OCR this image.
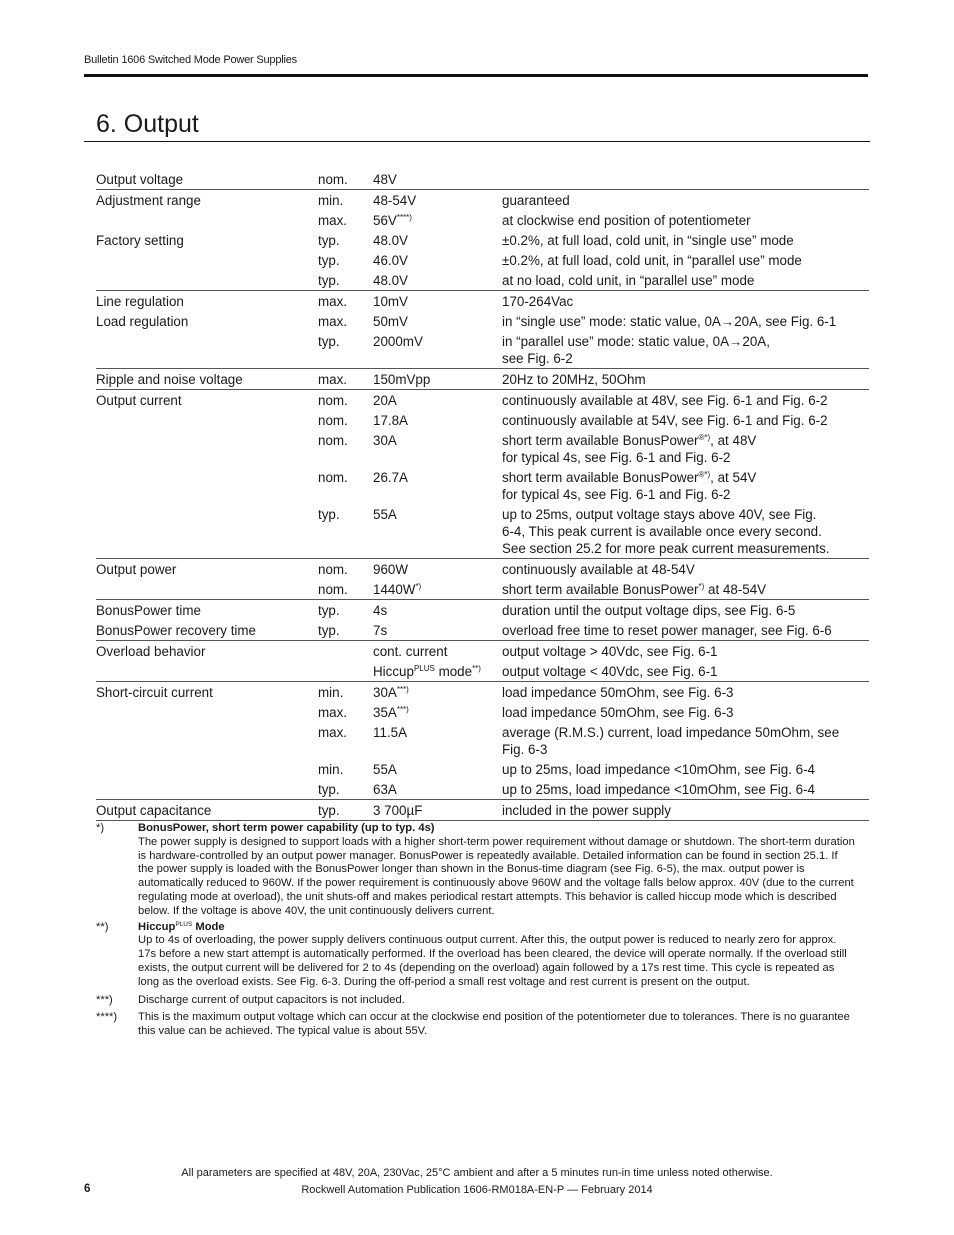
Bulletin 1606 Switched Mode Power Supplies
6. Output
Output voltage	nom.	48V	
Adjustment range	min.	48-54V	guaranteed
	max.	56V****)	at clockwise end position of potentiometer
Factory setting	typ.	48.0V	±0.2%, at full load, cold unit, in “single use” mode
	typ.	46.0V	±0.2%, at full load, cold unit, in “parallel use” mode
	typ.	48.0V	at no load, cold unit, in “parallel use” mode
Line regulation	max.	10mV	170-264Vac
Load regulation	max.	50mV	in “single use” mode: static value, 0A→20A, see Fig. 6-1
	typ.	2000mV	in “parallel use” mode: static value, 0A→20A,
see Fig. 6-2
Ripple and noise voltage	max.	150mVpp	20Hz to 20MHz, 50Ohm
Output current	nom.	20A	continuously available at 48V, see Fig. 6-1 and Fig. 6-2
	nom.	17.8A	continuously available at 54V, see Fig. 6-1 and Fig. 6-2
	nom.	30A	short term available BonusPower®*), at 48V
for typical 4s, see Fig. 6-1 and Fig. 6-2
	nom.	26.7A	short term available BonusPower®*), at 54V
for typical 4s, see Fig. 6-1 and Fig. 6-2
	typ.	55A	up to 25ms, output voltage stays above 40V, see Fig.
6-4, This peak current is available once every second.
See section 25.2 for more peak current measurements.
Output power	nom.	960W	continuously available at 48-54V
	nom.	1440W*)	short term available BonusPower*) at 48-54V
BonusPower time	typ.	4s	duration until the output voltage dips, see Fig. 6-5
BonusPower recovery time	typ.	7s	overload free time to reset power manager, see Fig. 6-6
Overload behavior		cont. current	output voltage > 40Vdc, see Fig. 6-1
		Hiccup$^{PLUS}$ mode**)	output voltage < 40Vdc, see Fig. 6-1
Short-circuit current	min.	30A***)	load impedance 50mOhm, see Fig. 6-3
	max.	35A***)	load impedance 50mOhm, see Fig. 6-3
	max.	11.5A	average (R.M.S.) current, load impedance 50mOhm, see
Fig. 6-3
	min.	55A	up to 25ms, load impedance <10mOhm, see Fig. 6-4
	typ.	63A	up to 25ms, load impedance <10mOhm, see Fig. 6-4
Output capacitance	typ.	3 700µF	included in the power supply
*)	BonusPower, short term power capability (up to typ. 4s)
The power supply is designed to support loads with a higher short-term power requirement without damage or shutdown. The short-term duration is hardware-controlled by an output power manager. BonusPower is repeatedly available. Detailed information can be found in section 25.1. If the power supply is loaded with the BonusPower longer than shown in the Bonus-time diagram (see Fig. 6-5), the max. output power is automatically reduced to 960W. If the power requirement is continuously above 960W and the voltage falls below approx. 40V (due to the current regulating mode at overload), the unit shuts-off and makes periodical restart attempts. This behavior is called hiccup mode which is described below. If the voltage is above 40V, the unit continuously delivers current.
**)	Hiccup$^{PLUS}$ Mode
Up to 4s of overloading, the power supply delivers continuous output current. After this, the output power is reduced to nearly zero for approx. 17s before a new start attempt is automatically performed. If the overload has been cleared, the device will operate normally. If the overload still exists, the output current will be delivered for 2 to 4s (depending on the overload) again followed by a 17s rest time. This cycle is repeated as long as the overload exists. See Fig. 6-3. During the off-period a small rest voltage and rest current is present on the output.
***)	Discharge current of output capacitors is not included.
****)	This is the maximum output voltage which can occur at the clockwise end position of the potentiometer due to tolerances. There is no guarantee this value can be achieved. The typical value is about 55V.
All parameters are specified at 48V, 20A, 230Vac, 25°C ambient and after a 5 minutes run-in time unless noted otherwise.
Rockwell Automation Publication 1606-RM018A-EN-P — February 2014
6
